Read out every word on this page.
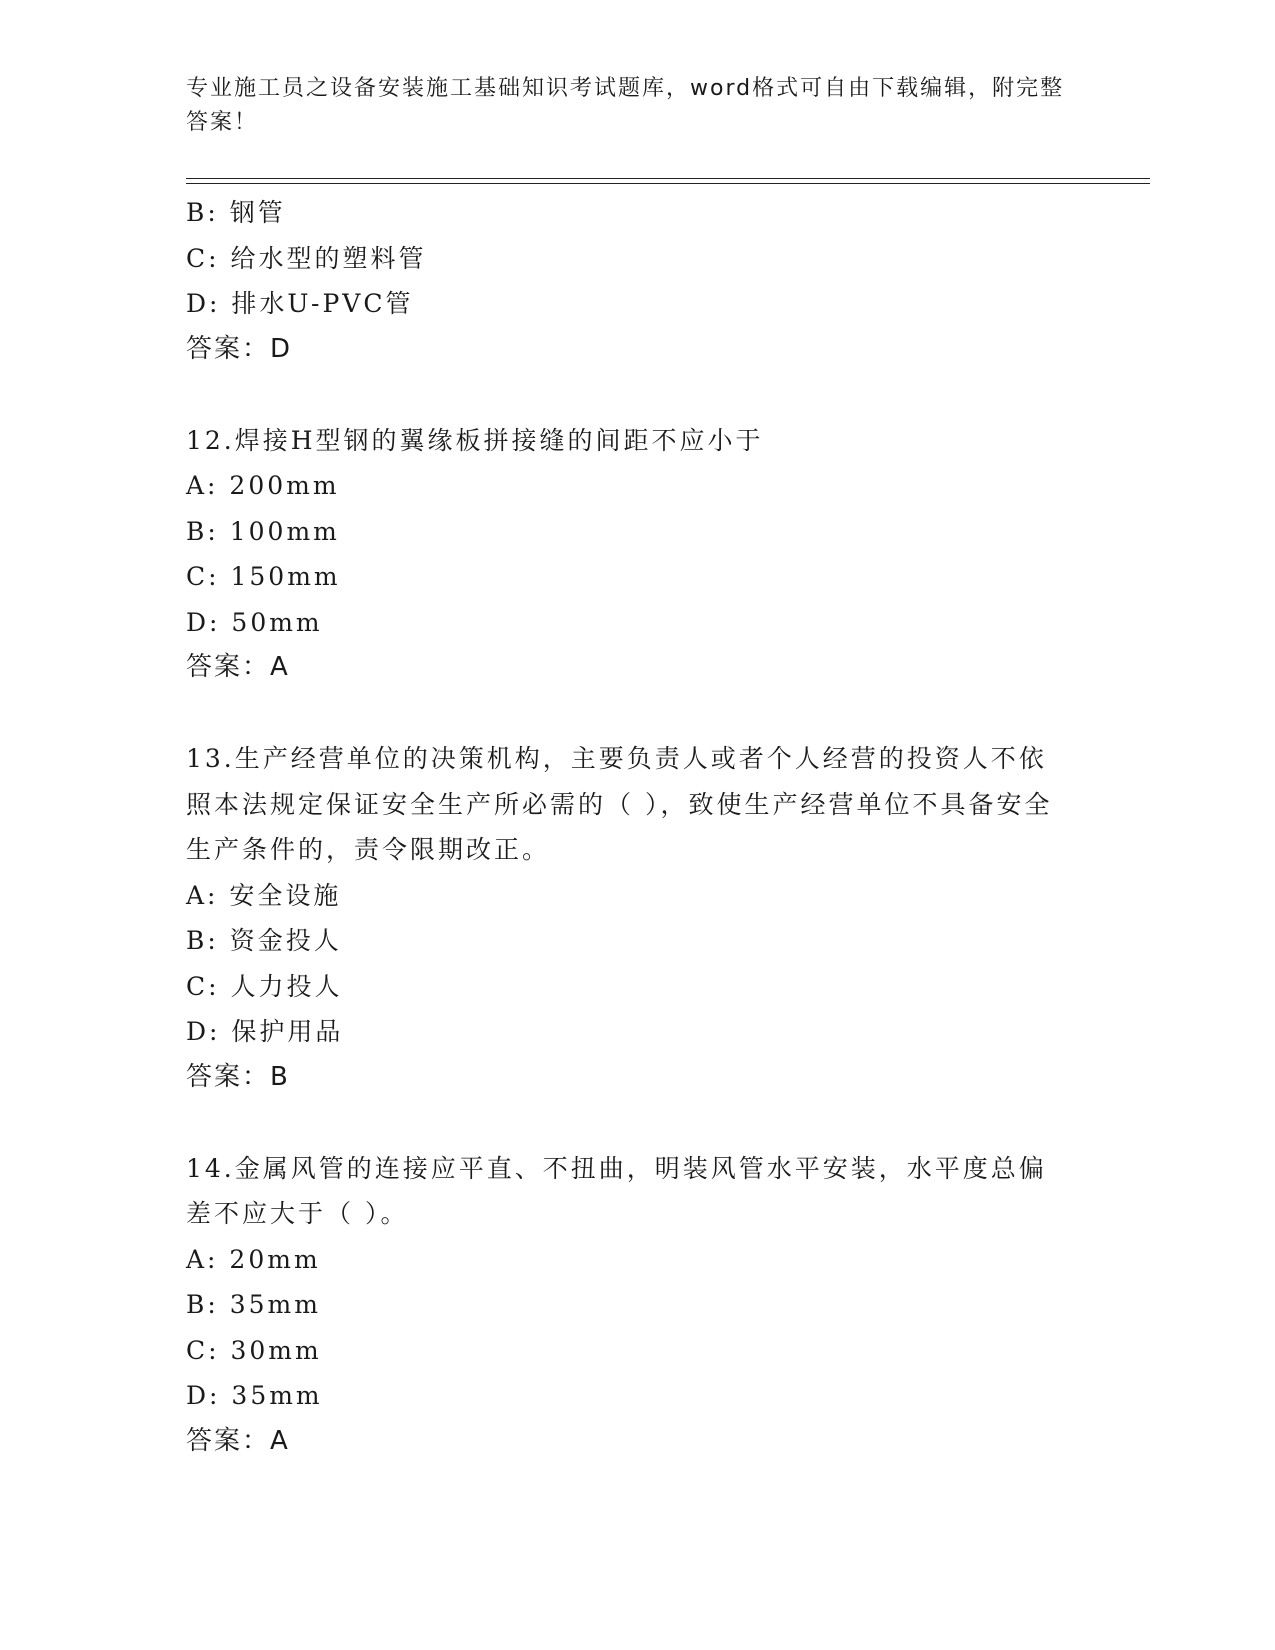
专业施工员之设备安装施工基础知识考试题库，word格式可自由下载编辑，附完整答案！
B: 钢管
C: 给水型的塑料管
D: 排水U-PVC管
答案：D
12.焊接H型钢的翼缘板拼接缝的间距不应小于
A: 200mm
B: 100mm
C: 150mm
D: 50mm
答案：A
13.生产经营单位的决策机构，主要负责人或者个人经营的投资人不依照本法规定保证安全生产所必需的（ ），致使生产经营单位不具备安全生产条件的，责令限期改正。
A: 安全设施
B: 资金投人
C: 人力投人
D: 保护用品
答案：B
14.金属风管的连接应平直、不扭曲，明装风管水平安装，水平度总偏差不应大于（ ）。
A: 20mm
B: 35mm
C: 30mm
D: 35mm
答案：A
